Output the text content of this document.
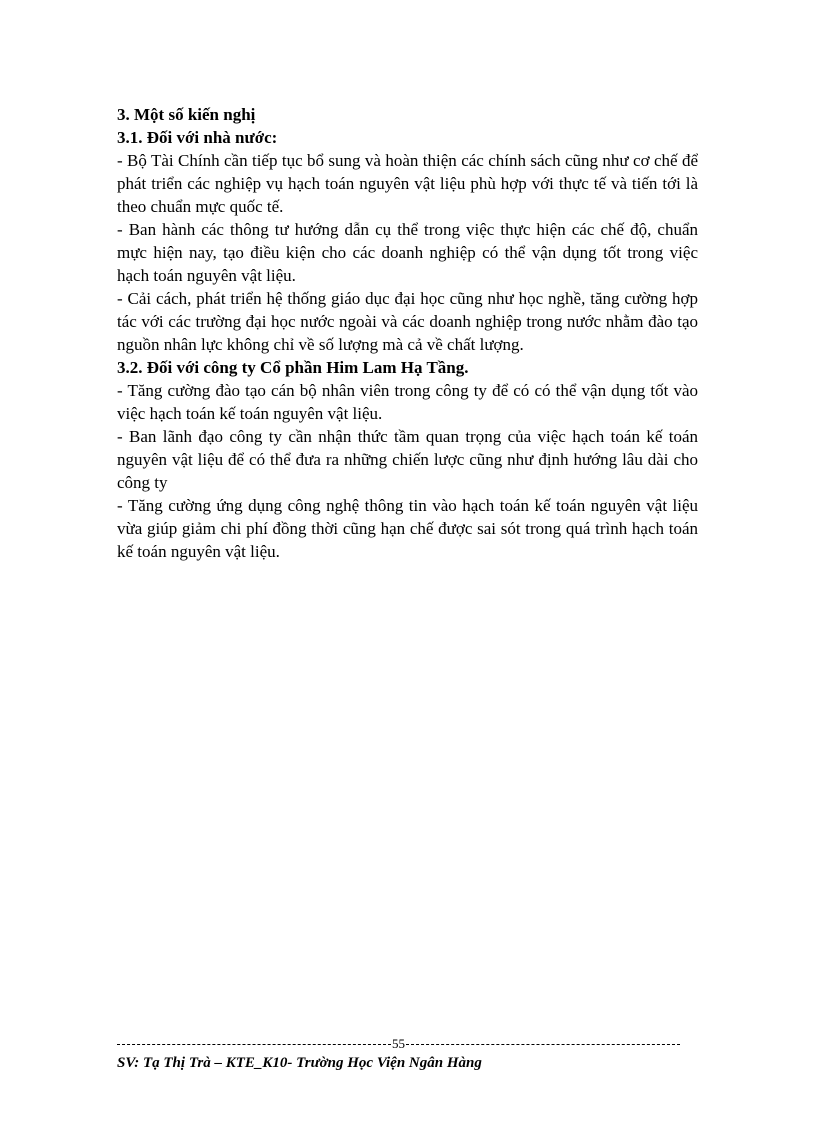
3. Một số kiến nghị

3.1. Đối với nhà nước:

- Bộ Tài Chính cần tiếp tục bổ sung và hoàn thiện các chính sách cũng như cơ chế để phát triển các nghiệp vụ hạch toán nguyên vật liệu phù hợp với thực tế và tiến tới là theo chuẩn mực quốc tế.

- Ban hành các thông tư hướng dẫn cụ thể trong việc thực hiện các chế độ, chuẩn mực hiện nay, tạo điều kiện cho các doanh nghiệp có thể vận dụng tốt trong việc hạch toán nguyên vật liệu.

- Cải cách, phát triển hệ thống giáo dục đại học cũng như học nghề, tăng cường hợp tác với các trường đại học nước ngoài và các doanh nghiệp trong nước nhằm đào tạo nguồn nhân lực không chỉ về số lượng mà cả về chất lượng.

3.2. Đối với công ty Cổ phần Him Lam Hạ Tầng.

- Tăng cường đào tạo cán bộ nhân viên trong công ty để có có thể vận dụng tốt vào việc hạch toán kế toán nguyên vật liệu.

- Ban lãnh đạo công ty cần nhận thức tầm quan trọng của việc hạch toán kế toán nguyên vật liệu để có thể đưa ra những chiến lược cũng như định hướng lâu dài cho công ty

- Tăng cường ứng dụng công nghệ thông tin vào hạch toán kế toán nguyên vật liệu vừa giúp giảm chi phí đồng thời cũng hạn chế được sai sót trong quá trình hạch toán kế toán nguyên vật liệu.

55
SV: Tạ Thị Trà – KTE_K10- Trường Học Viện Ngân Hàng
